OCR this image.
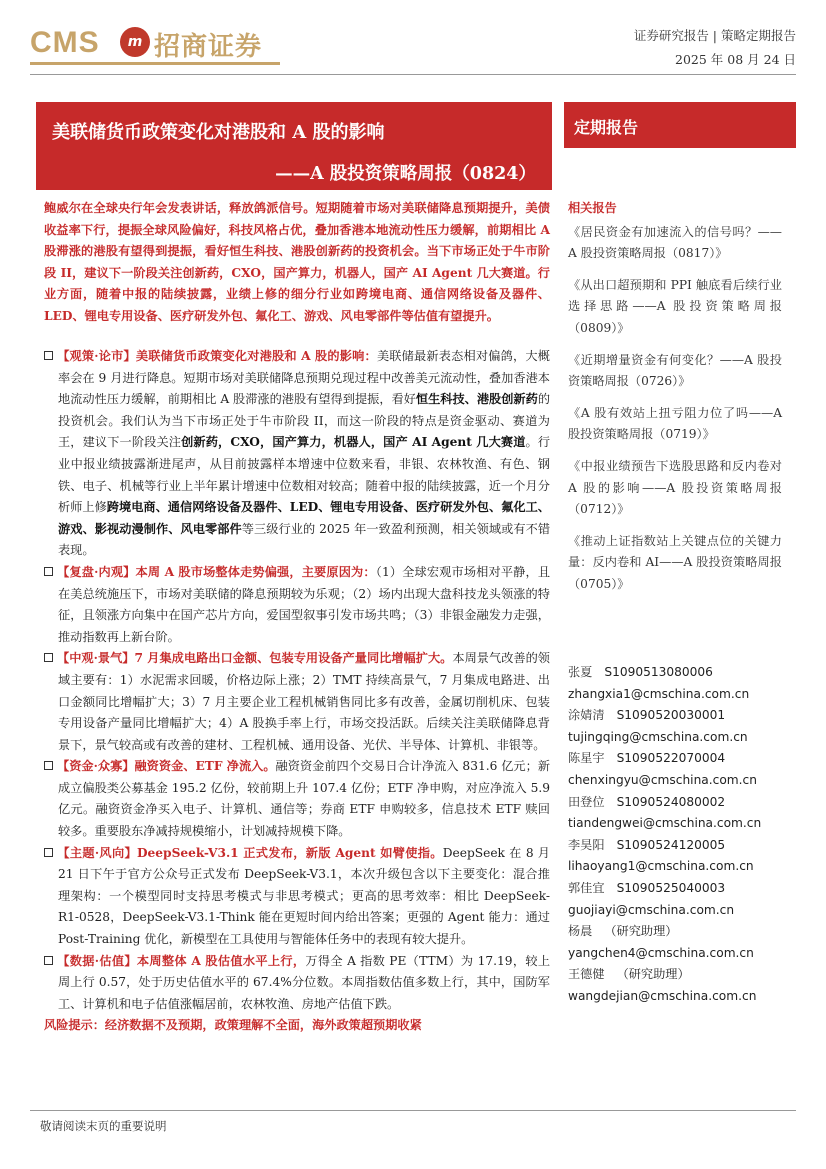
CMS	m 招商证券	证券研究报告 | 策略定期报告
2025 年 08 月 24 日
美联储货币政策变化对港股和 A 股的影响
——A 股投资策略周报（0824）
定期报告
鲍威尔在全球央行年会发表讲话，释放鸽派信号。短期随着市场对美联储降息预期提升，美债收益率下行，提振全球风险偏好，科技风格占优，叠加香港本地流动性压力缓解，前期相比 A 股滞涨的港股有望得到提振，看好恒生科技、港股创新药的投资机会。当下市场正处于牛市阶段 II，建议下一阶段关注创新药，CXO，国产算力，机器人，国产 AI Agent 几大赛道。行业方面，随着中报的陆续披露，业绩上修的细分行业如跨境电商、通信网络设备及器件、LED、锂电专用设备、医疗研发外包、氟化工、游戏、风电零部件等估值有望提升。

【观策·论市】美联储货币政策变化对港股和 A 股的影响：美联储最新表态相对偏鸽，大概率会在 9 月进行降息。短期市场对美联储降息预期兑现过程中改善美元流动性，叠加香港本地流动性压力缓解，前期相比 A 股滞涨的港股有望得到提振，看好恒生科技、港股创新药的投资机会。我们认为当下市场正处于牛市阶段 II，而这一阶段的特点是资金驱动、赛道为王，建议下一阶段关注创新药，CXO，国产算力，机器人，国产 AI Agent 几大赛道。行业中报业绩披露渐进尾声，从目前披露样本增速中位数来看，非银、农林牧渔、有色、钢铁、电子、机械等行业上半年累计增速中位数相对较高；随着中报的陆续披露，近一个月分析师上修跨境电商、通信网络设备及器件、LED、锂电专用设备、医疗研发外包、氟化工、游戏、影视动漫制作、风电零部件等三级行业的 2025 年一致盈利预测，相关领域或有不错表现。

【复盘·内观】本周 A 股市场整体走势偏强，主要原因为：（1）全球宏观市场相对平静，且在美总统施压下，市场对美联储的降息预期较为乐观；（2）场内出现大盘科技龙头领涨的特征，且领涨方向集中在国产芯片方向，爱国型叙事引发市场共鸣；（3）非银金融发力走强，推动指数再上新台阶。

【中观·景气】7 月集成电路出口金额、包装专用设备产量同比增幅扩大。本周景气改善的领域主要有：1）水泥需求回暖，价格边际上涨；2）TMT 持续高景气，7 月集成电路进、出口金额同比增幅扩大；3）7 月主要企业工程机械销售同比多有改善，金属切削机床、包装专用设备产量同比增幅扩大；4）A 股换手率上行，市场交投活跃。后续关注美联储降息背景下，景气较高或有改善的建材、工程机械、通用设备、光伏、半导体、计算机、非银等。

【资金·众寡】融资资金、ETF 净流入。融资资金前四个交易日合计净流入 831.6 亿元；新成立偏股类公募基金 195.2 亿份，较前期上升 107.4 亿份；ETF 净申购，对应净流入 5.9 亿元。融资资金净买入电子、计算机、通信等；券商 ETF 申购较多，信息技术 ETF 赎回较多。重要股东净减持规模缩小，计划减持规模下降。

【主题·风向】DeepSeek-V3.1 正式发布，新版 Agent 如臂使指。DeepSeek 在 8 月 21 日下午于官方公众号正式发布 DeepSeek-V3.1，本次升级包含以下主要变化：混合推理架构：一个模型同时支持思考模式与非思考模式；更高的思考效率：相比 DeepSeek-R1-0528，DeepSeek-V3.1-Think 能在更短时间内给出答案；更强的 Agent 能力：通过 Post-Training 优化，新模型在工具使用与智能体任务中的表现有较大提升。

【数据·估值】本周整体 A 股估值水平上行，万得全 A 指数 PE（TTM）为 17.19，较上周上行 0.57，处于历史估值水平的 67.4%分位数。本周指数估值多数上行，其中，国防军工、计算机和电子估值涨幅居前，农林牧渔、房地产估值下跌。

风险提示：经济数据不及预期，政策理解不全面，海外政策超预期收紧

相关报告

《居民资金有加速流入的信号吗？——A 股投资策略周报（0817）》

《从出口超预期和 PPI 触底看后续行业选择思路——A 股投资策略周报（0809）》

《近期增量资金有何变化？——A 股投资策略周报（0726）》

《A 股有效站上扭亏阻力位了吗——A 股投资策略周报（0719）》

《中报业绩预告下选股思路和反内卷对 A 股的影响——A 股投资策略周报（0712）》

《推动上证指数站上关键点位的关键力量：反内卷和 AI——A 股投资策略周报（0705）》

张夏 S1090513080006
zhangxia1@cmschina.com.cn
涂婧清 S1090520030001
tujingqing@cmschina.com.cn
陈星宇 S1090522070004
chenxingyu@cmschina.com.cn
田登位 S1090524080002
tiandengwei@cmschina.com.cn
李昊阳 S1090524120005
lihaoyang1@cmschina.com.cn
郭佳宜 S1090525040003
guojiayi@cmschina.com.cn
杨晨 （研究助理）
yangchen4@cmschina.com.cn
王德健 （研究助理）
wangdejian@cmschina.com.cn
敬请阅读末页的重要说明
